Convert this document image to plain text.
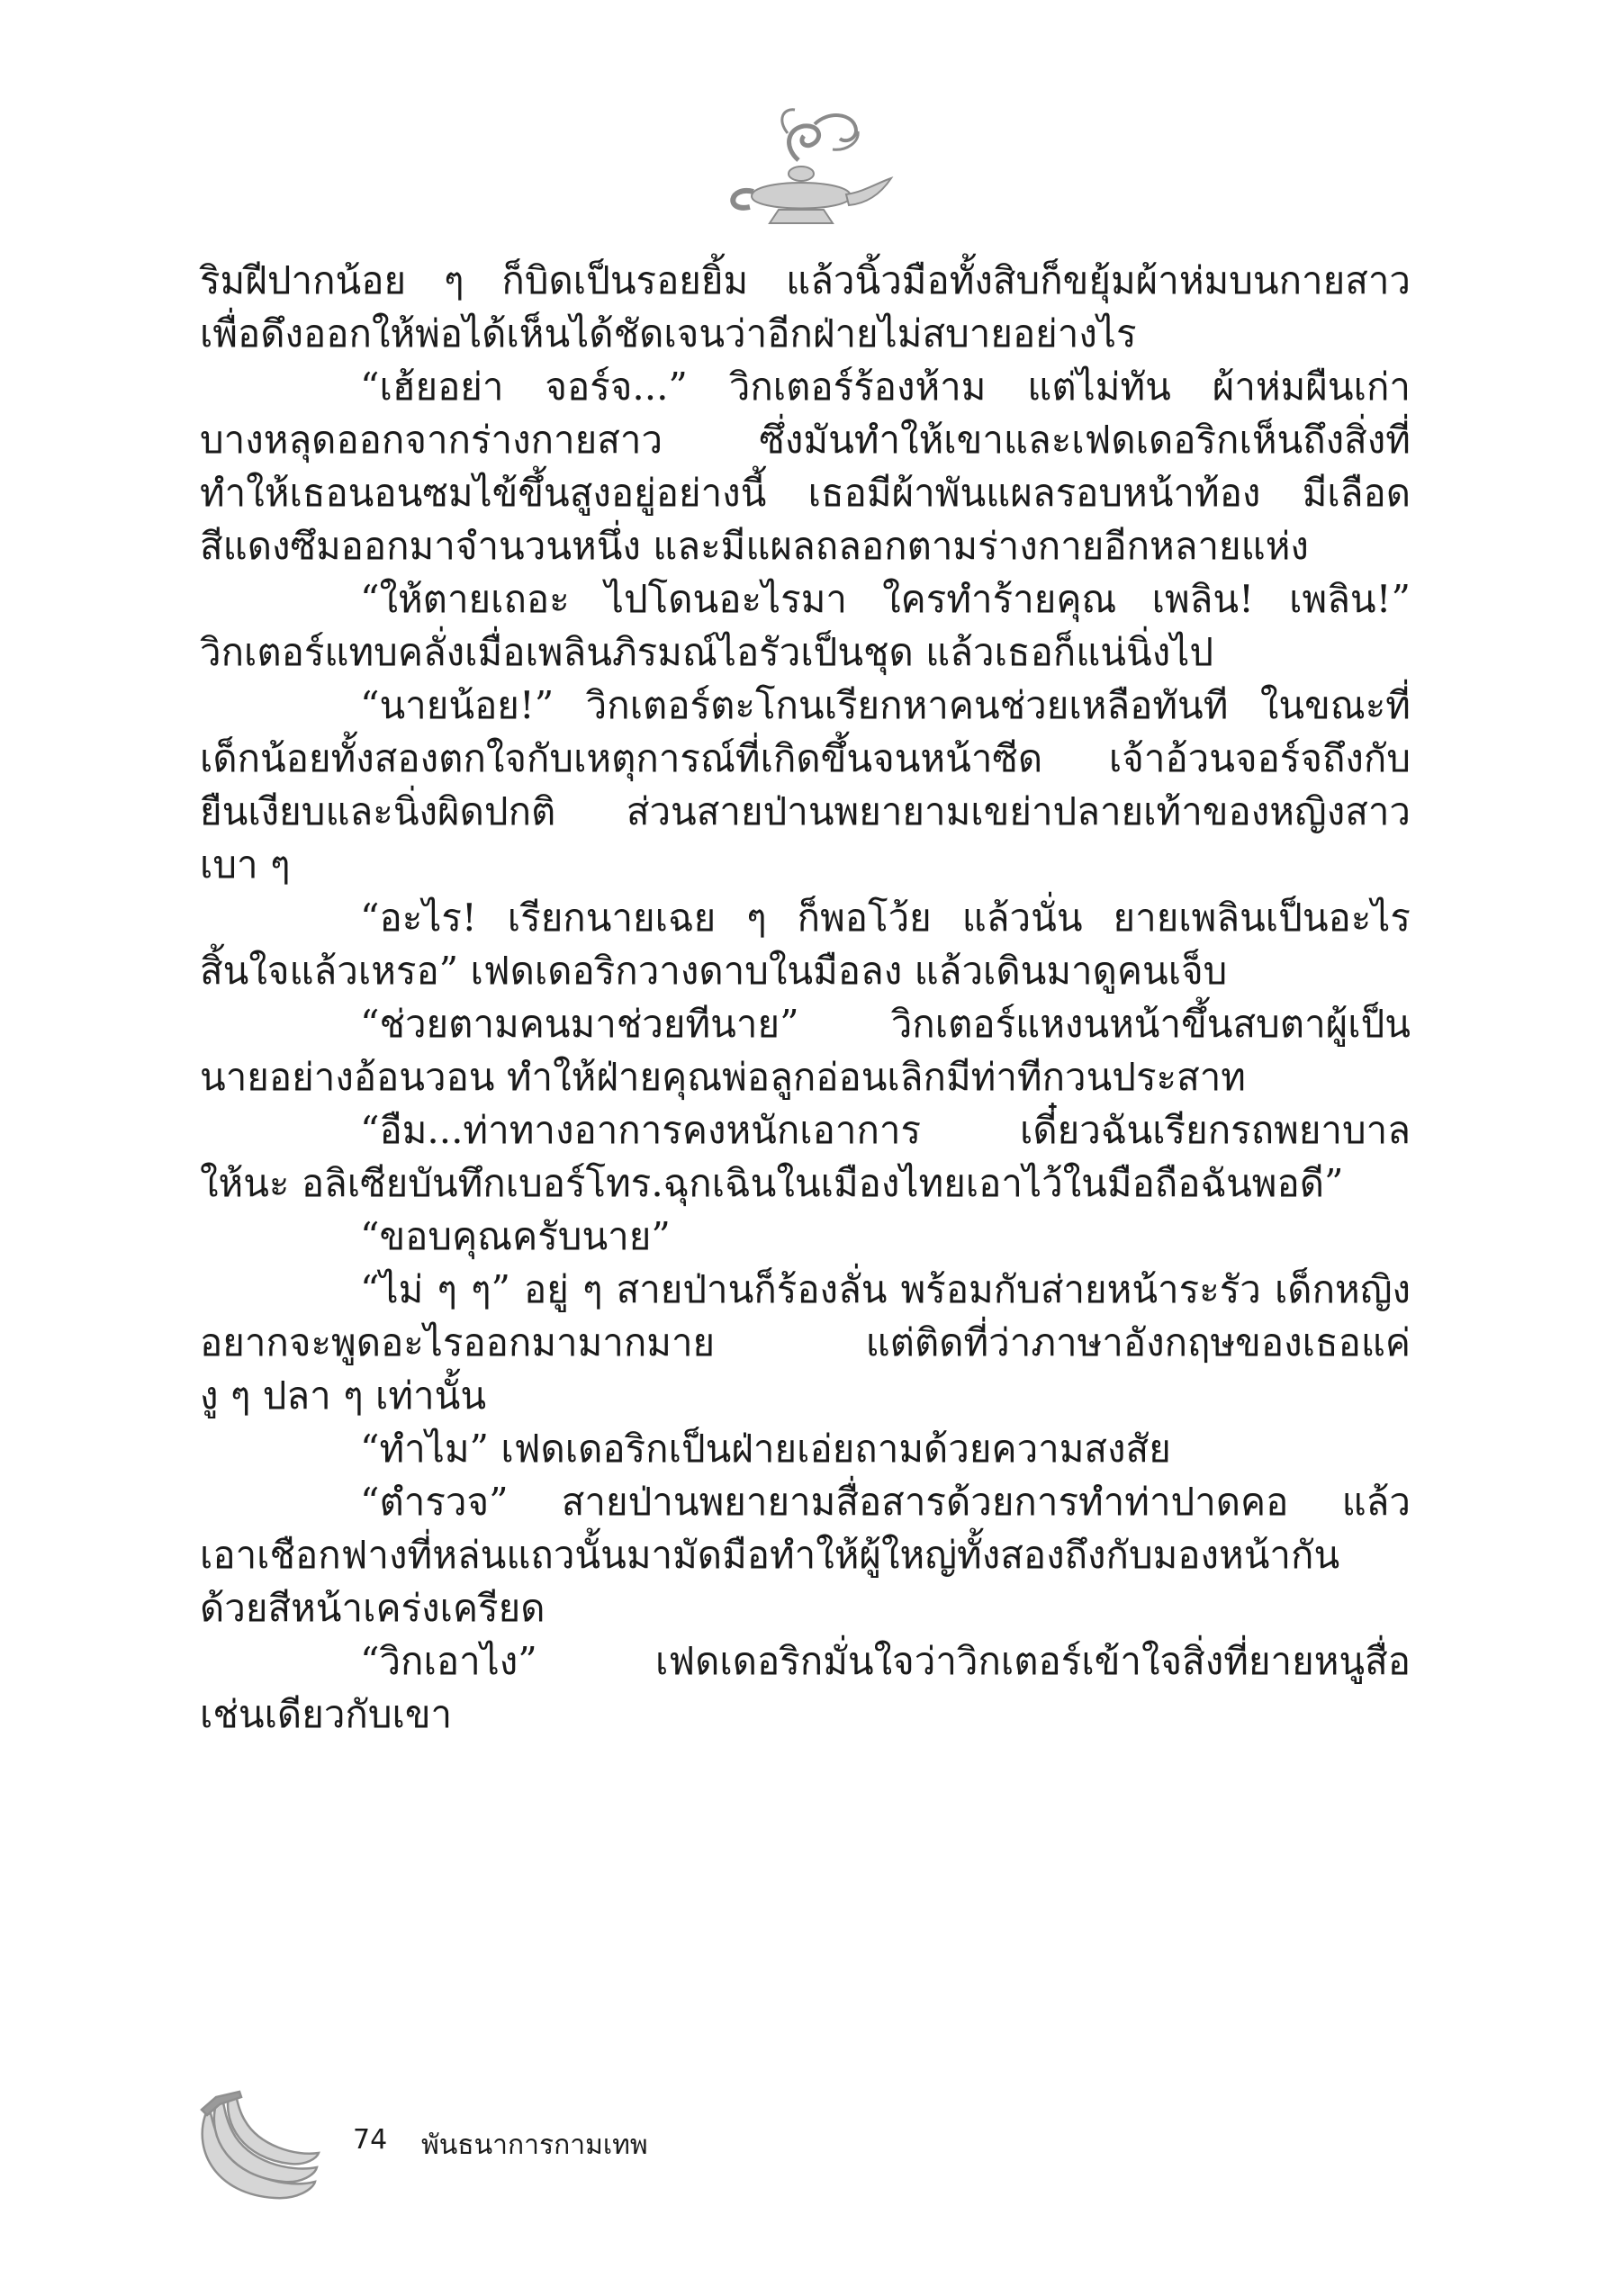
ริมฝีปากน้อย ๆ ก็บิดเป็นรอยยิ้ม แล้วนิ้วมือทั้งสิบก็ขยุ้มผ้าห่มบนกายสาว
เพื่อดึงออกให้พ่อได้เห็นได้ชัดเจนว่าอีกฝ่ายไม่สบายอย่างไร
“เฮ้ยอย่า จอร์จ...” วิกเตอร์ร้องห้าม แต่ไม่ทัน ผ้าห่มผืนเก่า
บางหลุดออกจากร่างกายสาว ซึ่งมันทำให้เขาและเฟดเดอริกเห็นถึงสิ่งที่
ทำให้เธอนอนซมไข้ขึ้นสูงอยู่อย่างนี้ เธอมีผ้าพันแผลรอบหน้าท้อง มีเลือด
สีแดงซึมออกมาจำนวนหนึ่ง และมีแผลถลอกตามร่างกายอีกหลายแห่ง
“ให้ตายเถอะ ไปโดนอะไรมา ใครทำร้ายคุณ เพลิน! เพลิน!”
วิกเตอร์แทบคลั่งเมื่อเพลินภิรมณ์ไอรัวเป็นชุด แล้วเธอก็แน่นิ่งไป
“นายน้อย!” วิกเตอร์ตะโกนเรียกหาคนช่วยเหลือทันที ในขณะที่
เด็กน้อยทั้งสองตกใจกับเหตุการณ์ที่เกิดขึ้นจนหน้าซีด เจ้าอ้วนจอร์จถึงกับ
ยืนเงียบและนิ่งผิดปกติ ส่วนสายป่านพยายามเขย่าปลายเท้าของหญิงสาว
เบา ๆ
“อะไร! เรียกนายเฉย ๆ ก็พอโว้ย แล้วนั่น ยายเพลินเป็นอะไร
สิ้นใจแล้วเหรอ” เฟดเดอริกวางดาบในมือลง แล้วเดินมาดูคนเจ็บ
“ช่วยตามคนมาช่วยทีนาย” วิกเตอร์แหงนหน้าขึ้นสบตาผู้เป็น
นายอย่างอ้อนวอน ทำให้ฝ่ายคุณพ่อลูกอ่อนเลิกมีท่าทีกวนประสาท
“อืม...ท่าทางอาการคงหนักเอาการ เดี๋ยวฉันเรียกรถพยาบาล
ให้นะ อลิเซียบันทึกเบอร์โทร.ฉุกเฉินในเมืองไทยเอาไว้ในมือถือฉันพอดี”
“ขอบคุณครับนาย”
“ไม่ ๆ ๆ” อยู่ ๆ สายป่านก็ร้องลั่น พร้อมกับส่ายหน้าระรัว เด็กหญิง
อยากจะพูดอะไรออกมามากมาย แต่ติดที่ว่าภาษาอังกฤษของเธอแค่
งู ๆ ปลา ๆ เท่านั้น
“ทำไม” เฟดเดอริกเป็นฝ่ายเอ่ยถามด้วยความสงสัย
“ตำรวจ” สายป่านพยายามสื่อสารด้วยการทำท่าปาดคอ แล้ว
เอาเชือกฟางที่หล่นแถวนั้นมามัดมือทำให้ผู้ใหญ่ทั้งสองถึงกับมองหน้ากัน
ด้วยสีหน้าเคร่งเครียด
“วิกเอาไง” เฟดเดอริกมั่นใจว่าวิกเตอร์เข้าใจสิ่งที่ยายหนูสื่อ
เช่นเดียวกับเขา
74 พันธนาการกามเทพ
